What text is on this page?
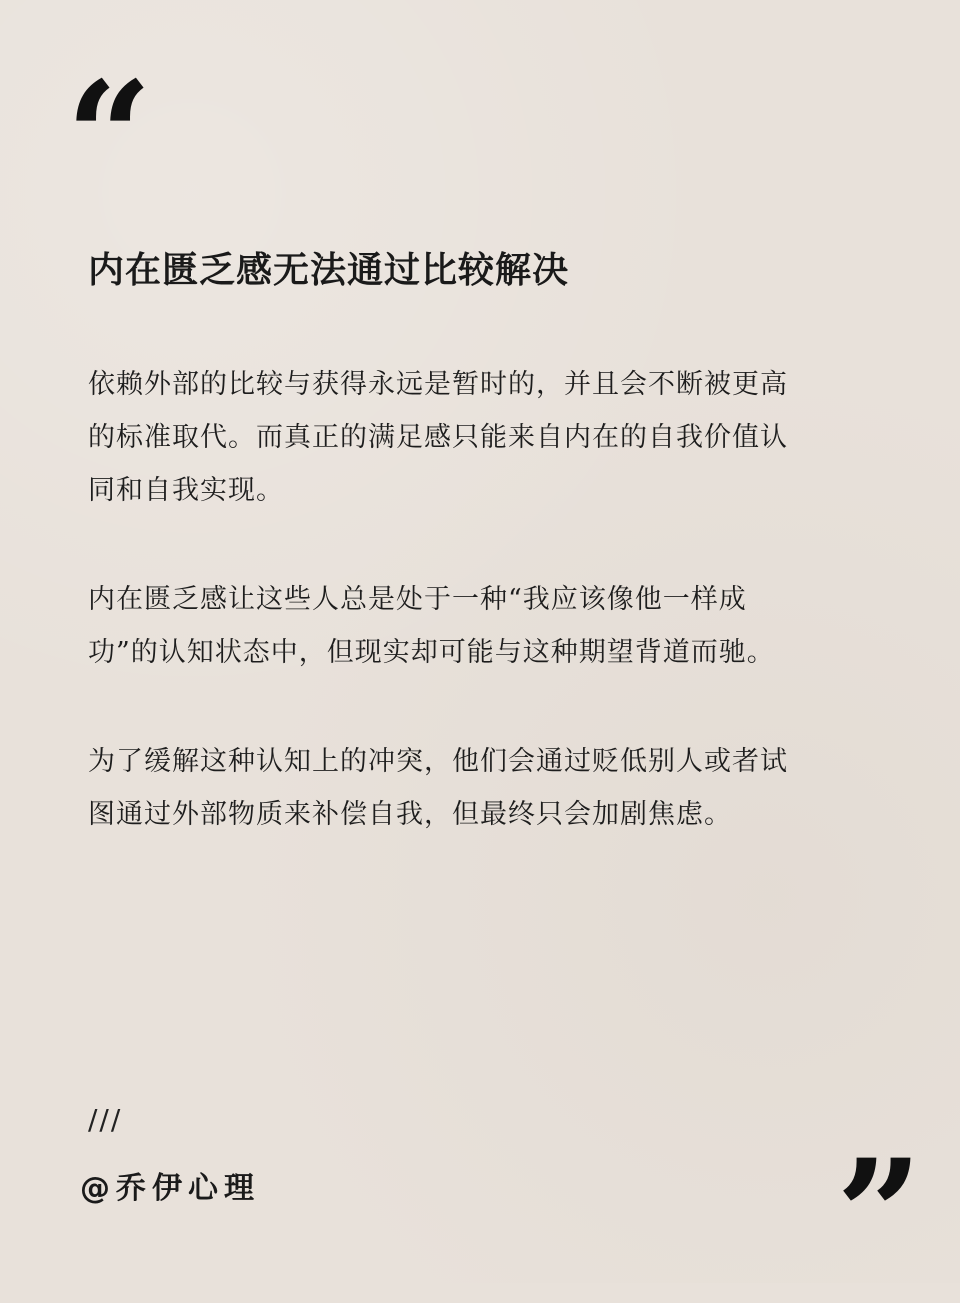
“
内在匮乏感无法通过比较解决

依赖外部的比较与获得永远是暂时的，并且会不断被更高的标准取代。而真正的满足感只能来自内在的自我价值认同和自我实现。

内在匮乏感让这些人总是处于一种“我应该像他一样成功”的认知状态中，但现实却可能与这种期望背道而驰。

为了缓解这种认知上的冲突，他们会通过贬低别人或者试图通过外部物质来补偿自我，但最终只会加剧焦虑。

///
@乔伊心理	”
